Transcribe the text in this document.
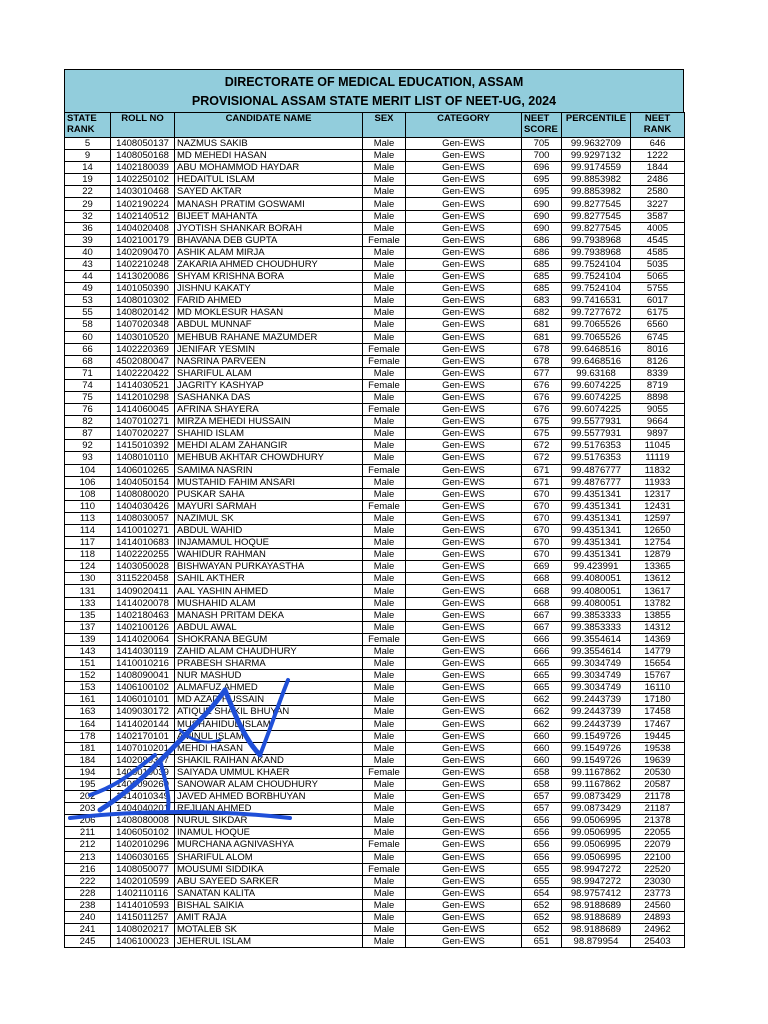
DIRECTORATE OF MEDICAL EDUCATION, ASSAM
PROVISIONAL ASSAM STATE MERIT LIST OF NEET-UG, 2024
STATE RANK	ROLL NO	CANDIDATE NAME	SEX	CATEGORY	NEET SCORE	PERCENTILE	NEET RANK
5	1408050137	NAZMUS SAKIB	Male	Gen-EWS	705	99.9632709	646
9	1408050168	MD MEHEDI HASAN	Male	Gen-EWS	700	99.9297132	1222
14	1402180039	ABU MOHAMMOD HAYDAR	Male	Gen-EWS	696	99.9174559	1844
19	1402250102	HEDAITUL ISLAM	Male	Gen-EWS	695	99.8853982	2486
22	1403010468	SAYED AKTAR	Male	Gen-EWS	695	99.8853982	2580
29	1402190224	MANASH PRATIM GOSWAMI	Male	Gen-EWS	690	99.8277545	3227
32	1402140512	BIJEET MAHANTA	Male	Gen-EWS	690	99.8277545	3587
36	1404020408	JYOTISH SHANKAR BORAH	Male	Gen-EWS	690	99.8277545	4005
39	1402100179	BHAVANA DEB GUPTA	Female	Gen-EWS	686	99.7938968	4545
40	1402090470	ASHIK ALAM MIRJA	Male	Gen-EWS	686	99.7938968	4585
43	1402210248	ZAKARIA AHMED CHOUDHURY	Male	Gen-EWS	685	99.7524104	5035
44	1413020086	SHYAM KRISHNA BORA	Male	Gen-EWS	685	99.7524104	5065
49	1401050390	JISHNU KAKATY	Male	Gen-EWS	685	99.7524104	5755
53	1408010302	FARID AHMED	Male	Gen-EWS	683	99.7416531	6017
55	1408020142	MD MOKLESUR HASAN	Male	Gen-EWS	682	99.7277672	6175
58	1407020348	ABDUL MUNNAF	Male	Gen-EWS	681	99.7065526	6560
60	1403010520	MEHBUB RAHANE MAZUMDER	Male	Gen-EWS	681	99.7065526	6745
66	1402220369	JENIFAR YESMIN	Female	Gen-EWS	678	99.6468516	8016
68	4502080047	NASRINA PARVEEN	Female	Gen-EWS	678	99.6468516	8126
71	1402220422	SHARIFUL ALAM	Male	Gen-EWS	677	99.63168	8339
74	1414030521	JAGRITY KASHYAP	Female	Gen-EWS	676	99.6074225	8719
75	1412010298	SASHANKA DAS	Male	Gen-EWS	676	99.6074225	8898
76	1414060045	AFRINA SHAYERA	Female	Gen-EWS	676	99.6074225	9055
82	1407010271	MIRZA MEHEDI HUSSAIN	Male	Gen-EWS	675	99.5577931	9664
87	1407020227	SHAHID ISLAM	Male	Gen-EWS	675	99.5577931	9897
92	1415010392	MEHDI ALAM ZAHANGIR	Male	Gen-EWS	672	99.5176353	11045
93	1408010110	MEHBUB AKHTAR CHOWDHURY	Male	Gen-EWS	672	99.5176353	11119
104	1406010265	SAMIMA NASRIN	Female	Gen-EWS	671	99.4876777	11832
106	1404050154	MUSTAHID FAHIM ANSARI	Male	Gen-EWS	671	99.4876777	11933
108	1408080020	PUSKAR SAHA	Male	Gen-EWS	670	99.4351341	12317
110	1404030426	MAYURI SARMAH	Female	Gen-EWS	670	99.4351341	12431
113	1408030057	NAZIMUL SK	Male	Gen-EWS	670	99.4351341	12597
114	1410010271	ABDUL WAHID	Male	Gen-EWS	670	99.4351341	12650
117	1414010683	INJAMAMUL HOQUE	Male	Gen-EWS	670	99.4351341	12754
118	1402220255	WAHIDUR RAHMAN	Male	Gen-EWS	670	99.4351341	12879
124	1403050028	BISHWAYAN PURKAYASTHA	Male	Gen-EWS	669	99.423991	13365
130	3115220458	SAHIL AKTHER	Male	Gen-EWS	668	99.4080051	13612
131	1409020411	AAL YASHIN AHMED	Male	Gen-EWS	668	99.4080051	13617
133	1414020078	MUSHAHID ALAM	Male	Gen-EWS	668	99.4080051	13782
135	1402180463	MANASH PRITAM DEKA	Male	Gen-EWS	667	99.3853333	13855
137	1402100126	ABDUL AWAL	Male	Gen-EWS	667	99.3853333	14312
139	1414020064	SHOKRANA BEGUM	Female	Gen-EWS	666	99.3554614	14369
143	1414030119	ZAHID ALAM CHAUDHURY	Male	Gen-EWS	666	99.3554614	14779
151	1410010216	PRABESH SHARMA	Male	Gen-EWS	665	99.3034749	15654
152	1408090041	NUR MASHUD	Male	Gen-EWS	665	99.3034749	15767
153	1406100102	ALMAFUZ AHMED	Male	Gen-EWS	665	99.3034749	16110
161	1406010101	MD AZAD HUSSAIN	Male	Gen-EWS	662	99.2443739	17180
163	1409030172	ATIQUE SHAKIL BHUYAN	Male	Gen-EWS	662	99.2443739	17458
164	1414020144	MUSHAHIDUL ISLAM	Male	Gen-EWS	662	99.2443739	17467
178	1402170101	AMINUL ISLAM	Male	Gen-EWS	660	99.1549726	19445
181	1407010201	MEHDI HASAN	Male	Gen-EWS	660	99.1549726	19538
184	1402090347	SHAKIL RAIHAN AKAND	Male	Gen-EWS	660	99.1549726	19639
194	1408010039	SAIYADA UMMUL KHAER	Female	Gen-EWS	658	99.1167862	20530
195	1406090260	SANOWAR ALAM CHOUDHURY	Male	Gen-EWS	658	99.1167862	20587
202	1414010349	JAVED AHMED BORBHUYAN	Male	Gen-EWS	657	99.0873429	21178
203	1404040201	REJUAN AHMED	Male	Gen-EWS	657	99.0873429	21187
206	1408080008	NURUL SIKDAR	Male	Gen-EWS	656	99.0506995	21378
211	1406050102	INAMUL HOQUE	Male	Gen-EWS	656	99.0506995	22055
212	1402010296	MURCHANA AGNIVASHYA	Female	Gen-EWS	656	99.0506995	22079
213	1406030165	SHARIFUL ALOM	Male	Gen-EWS	656	99.0506995	22100
216	1408050077	MOUSUMI SIDDIKA	Female	Gen-EWS	655	98.9947272	22520
222	1402010599	ABU SAYEED SARKER	Male	Gen-EWS	655	98.9947272	23030
228	1402110116	SANATAN KALITA	Male	Gen-EWS	654	98.9757412	23773
238	1414010593	BISHAL SAIKIA	Male	Gen-EWS	652	98.9188689	24560
240	1415011257	AMIT RAJA	Male	Gen-EWS	652	98.9188689	24893
241	1408020217	MOTALEB SK	Male	Gen-EWS	652	98.9188689	24962
245	1406100023	JEHERUL ISLAM	Male	Gen-EWS	651	98.879954	25403
